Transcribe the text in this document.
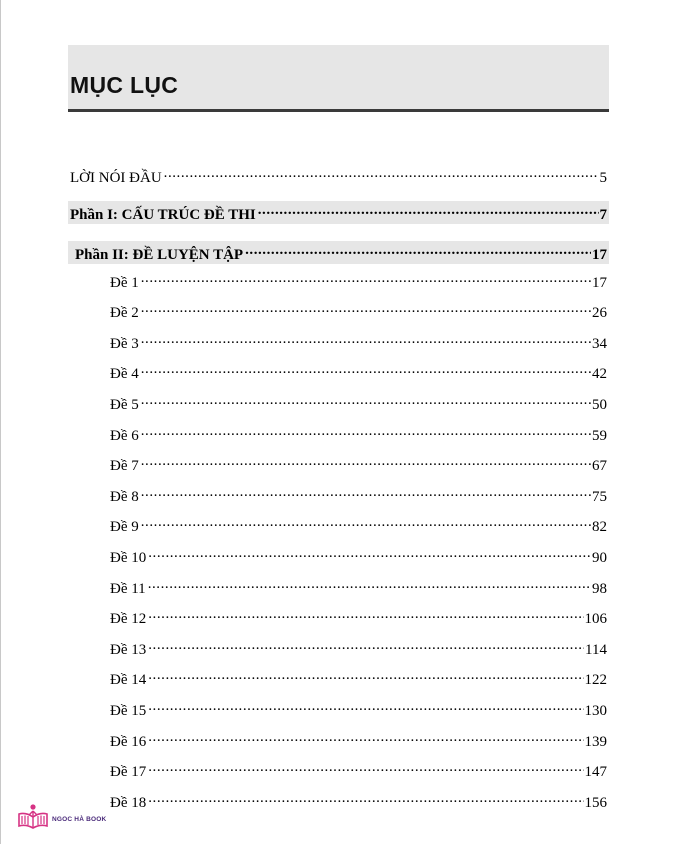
MỤC LỤC
LỜI NÓI ĐẦU . . .	5
Phần I: CẤU TRÚC ĐỀ THI . . .	7
Phần II: ĐỀ LUYỆN TẬP . . .	17
Đề 1 . . .	17
Đề 2 . . .	26
Đề 3 . . .	34
Đề 4 . . .	42
Đề 5 . . .	50
Đề 6 . . .	59
Đề 7 . . .	67
Đề 8 . . .	75
Đề 9 . . .	82
Đề 10 . . .	90
Đề 11 . . .	98
Đề 12 . . .	106
Đề 13 . . .	114
Đề 14 . . .	122
Đề 15 . . .	130
Đề 16 . . .	139
Đề 17 . . .	147
Đề 18 . . .	156
NGOC HÀ BOOK
